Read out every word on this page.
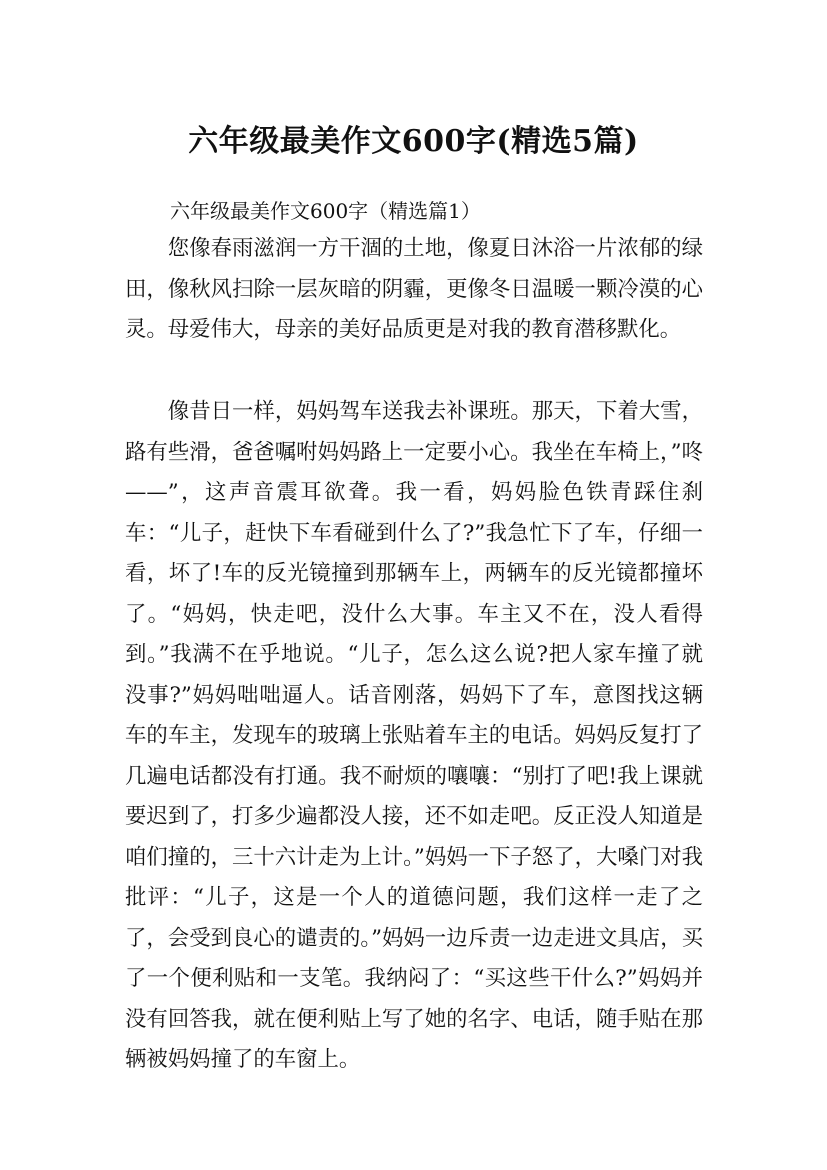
六年级最美作文600字(精选5篇)
六年级最美作文600字（精选篇1）

您像春雨滋润一方干涸的土地，像夏日沐浴一片浓郁的绿田，像秋风扫除一层灰暗的阴霾，更像冬日温暖一颗冷漠的心灵。母爱伟大，母亲的美好品质更是对我的教育潜移默化。

像昔日一样，妈妈驾车送我去补课班。那天，下着大雪，路有些滑，爸爸嘱咐妈妈路上一定要小心。我坐在车椅上，”咚——”，这声音震耳欲聋。我一看，妈妈脸色铁青踩住刹车：“儿子，赶快下车看碰到什么了?”我急忙下了车，仔细一看，坏了!车的反光镜撞到那辆车上，两辆车的反光镜都撞坏了。“妈妈，快走吧，没什么大事。车主又不在，没人看得到。”我满不在乎地说。“儿子，怎么这么说?把人家车撞了就没事?”妈妈咄咄逼人。话音刚落，妈妈下了车，意图找这辆车的车主，发现车的玻璃上张贴着车主的电话。妈妈反复打了几遍电话都没有打通。我不耐烦的嚷嚷：“别打了吧!我上课就要迟到了，打多少遍都没人接，还不如走吧。反正没人知道是咱们撞的，三十六计走为上计。”妈妈一下子怒了，大嗓门对我批评：“儿子，这是一个人的道德问题，我们这样一走了之了，会受到良心的谴责的。”妈妈一边斥责一边走进文具店，买了一个便利贴和一支笔。我纳闷了：“买这些干什么?”妈妈并没有回答我，就在便利贴上写了她的名字、电话，随手贴在那辆被妈妈撞了的车窗上。
